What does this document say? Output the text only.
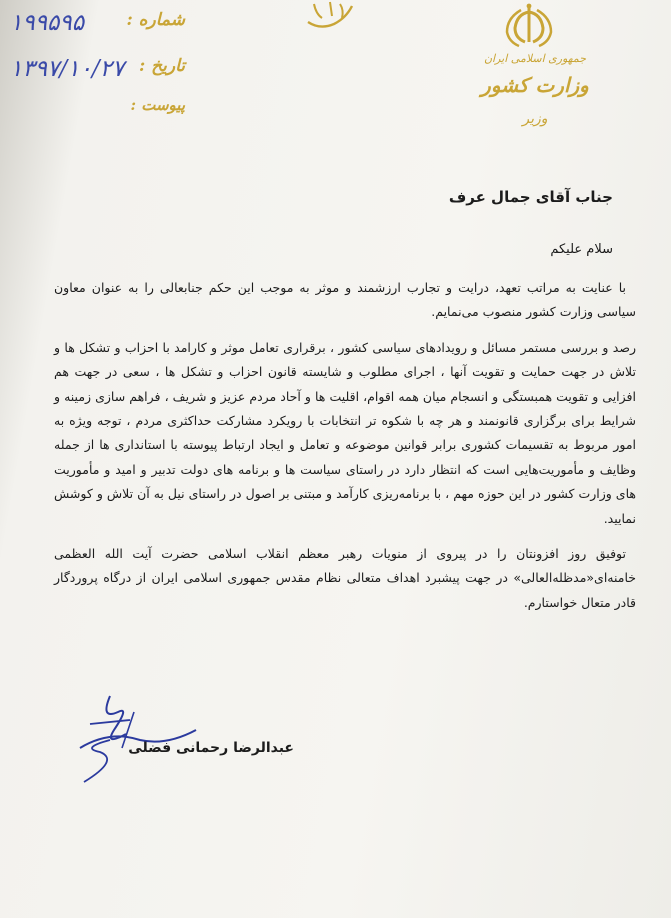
شماره :
۱۹۹۵۹۵
تاریخ :
۱۳۹۷/۱۰/۲۷
پیوست :
جمهوری اسلامی ایران
وزارت کشور
وزیر
جناب آقای جمال عرف
سلام علیکم

با عنایت به مراتب تعهد، درایت و تجارب ارزشمند و موثر به موجب این حکم جنابعالی را به عنوان معاون سیاسی وزارت کشور منصوب می‌نمایم.

رصد و بررسی مستمر مسائل و رویدادهای سیاسی کشور ، برقراری تعامل موثر و کارامد با احزاب و تشکل ها و تلاش در جهت حمایت و تقویت آنها ، اجرای مطلوب و شایسته قانون احزاب و تشکل ها ، سعی در جهت هم افزایی و تقویت همبستگی و انسجام میان همه اقوام، اقلیت ها و آحاد مردم عزیز و شریف ، فراهم سازی زمینه و شرایط برای برگزاری قانونمند و هر چه با شکوه تر انتخابات با رویکرد مشارکت حداکثری مردم ، توجه ویژه به امور مربوط به تقسیمات کشوری برابر قوانین موضوعه و تعامل و ایجاد ارتباط پیوسته با استانداری ها از جمله وظایف و مأموریت‌هایی است که انتظار دارد در راستای سیاست ها و برنامه های دولت تدبیر و امید و مأموریت های وزارت کشور در این حوزه مهم ، با برنامه‌ریزی کارآمد و مبتنی بر اصول در راستای نیل به آن تلاش و کوشش نمایید.

توفیق روز افزونتان را در پیروی از منویات رهبر معظم انقلاب اسلامی حضرت آیت الله العظمی خامنه‌ای«مدظله‌العالی» در جهت پیشبرد اهداف متعالی نظام مقدس جمهوری اسلامی ایران از درگاه پروردگار قادر متعال خواستارم.

عبدالرضا رحمانی فضلی
